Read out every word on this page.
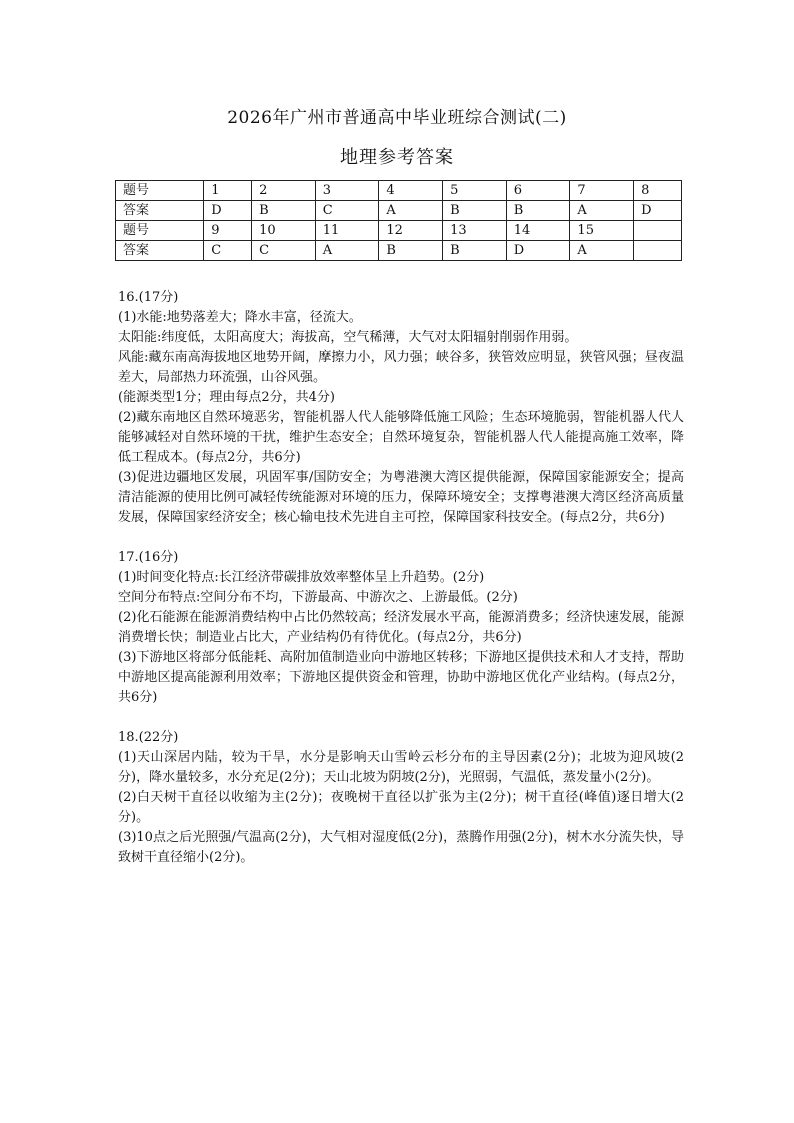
2026年广州市普通高中毕业班综合测试(二)
地理参考答案
题号	1	2	3	4	5	6	7	8
答案	D	B	C	A	B	B	A	D
题号	9	10	11	12	13	14	15	
答案	C	C	A	B	B	D	A	

16.(17分)

(1)水能:地势落差大；降水丰富，径流大。

太阳能:纬度低，太阳高度大；海拔高，空气稀薄，大气对太阳辐射削弱作用弱。

风能:藏东南高海拔地区地势开阔，摩擦力小，风力强；峡谷多，狭管效应明显，狭管风强；昼夜温差大，局部热力环流强，山谷风强。

(能源类型1分；理由每点2分，共4分)

(2)藏东南地区自然环境恶劣，智能机器人代人能够降低施工风险；生态环境脆弱，智能机器人代人能够减轻对自然环境的干扰，维护生态安全；自然环境复杂，智能机器人代人能提高施工效率，降低工程成本。(每点2分，共6分)

(3)促进边疆地区发展，巩固军事/国防安全；为粤港澳大湾区提供能源，保障国家能源安全；提高清洁能源的使用比例可减轻传统能源对环境的压力，保障环境安全；支撑粤港澳大湾区经济高质量发展，保障国家经济安全；核心输电技术先进自主可控，保障国家科技安全。(每点2分，共6分)

17.(16分)

(1)时间变化特点:长江经济带碳排放效率整体呈上升趋势。(2分)

空间分布特点:空间分布不均，下游最高、中游次之、上游最低。(2分)

(2)化石能源在能源消费结构中占比仍然较高；经济发展水平高，能源消费多；经济快速发展，能源消费增长快；制造业占比大，产业结构仍有待优化。(每点2分，共6分)

(3)下游地区将部分低能耗、高附加值制造业向中游地区转移；下游地区提供技术和人才支持，帮助中游地区提高能源利用效率；下游地区提供资金和管理，协助中游地区优化产业结构。(每点2分，共6分)

18.(22分)

(1)天山深居内陆，较为干旱，水分是影响天山雪岭云杉分布的主导因素(2分)；北坡为迎风坡(2分)，降水量较多，水分充足(2分)；天山北坡为阴坡(2分)，光照弱，气温低，蒸发量小(2分)。

(2)白天树干直径以收缩为主(2分)；夜晚树干直径以扩张为主(2分)；树干直径(峰值)逐日增大(2分)。

(3)10点之后光照强/气温高(2分)，大气相对湿度低(2分)，蒸腾作用强(2分)，树木水分流失快，导致树干直径缩小(2分)。
